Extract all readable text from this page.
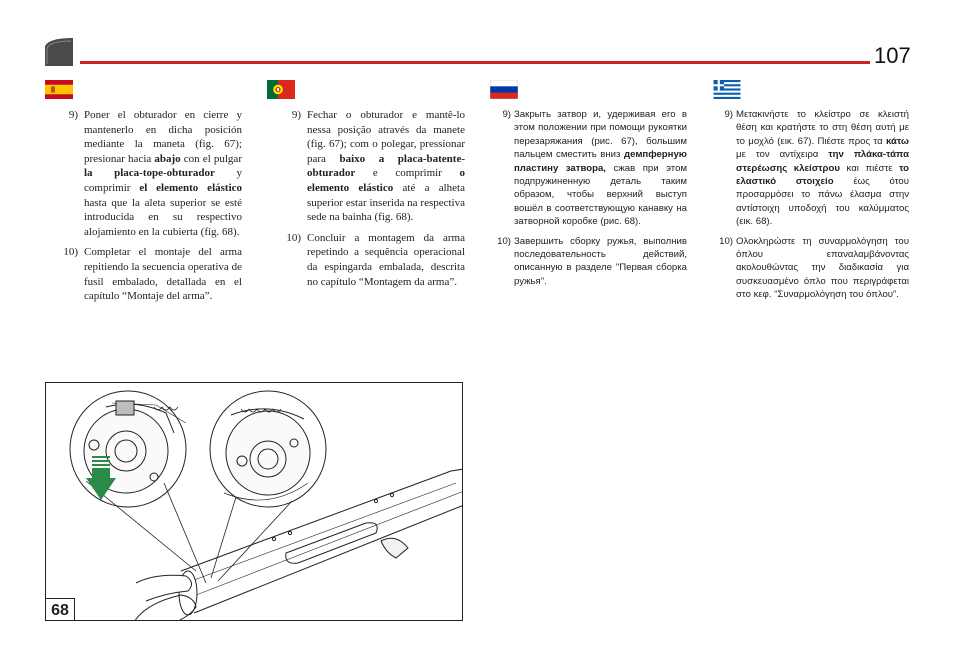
107
9) Poner el obturador en cierre y mantenerlo en dicha posición mediante la maneta (fig. 67); presionar hacia abajo con el pulgar la placa-tope-obturador y comprimir el elemento elástico hasta que la aleta superior se esté introducida en su respectivo alojamiento en la cubierta (fig. 68).
10) Completar el montaje del arma repitiendo la secuencia operativa de fusil embalado, detallada en el capítulo “Montaje del arma”.
9) Fechar o obturador e mantê-lo nessa posição através da manete (fig. 67); com o polegar, pressionar para baixo a placa-batente-obturador e comprimir o elemento elástico até a alheta superior estar inserida na respectiva sede na bainha (fig. 68).
10) Concluir a montagem da arma repetindo a sequência operacional da espingarda embalada, descrita no capítulo “Montagem da arma”.
9) Закрыть затвор и, удерживая его в этом положении при помощи рукоятки перезаряжания (рис. 67), большим пальцем сместить вниз демпферную пластину затвора, сжав при этом подпружиненную деталь таким образом, чтобы верхний выступ вошёл в соответствующую канавку на затворной коробке (рис. 68).
10) Завершить сборку ружья, выполнив последовательность действий, описанную в разделе "Первая сборка ружья".
9) Μετακινήστε το κλείστρο σε κλειστή θέση και κρατήστε το στη θέση αυτή με το μοχλό (εικ. 67). Πιέστε προς τα κάτω με τον αντίχειρα την πλάκα-τάπα στερέωσης κλείστρου και πιέστε το ελαστικό στοιχείο έως ότου προσαρμόσει το πάνω έλασμα στην αντίστοιχη υποδοχή του καλύμματος (εικ. 68).
10) Ολοκληρώστε τη συναρμολόγηση του όπλου επαναλαμβάνοντας ακολουθώντας την διαδικασία για συσκευασμένο όπλο που περιγράφεται στο κεφ. “Συναρμολόγηση του όπλου”.
68
